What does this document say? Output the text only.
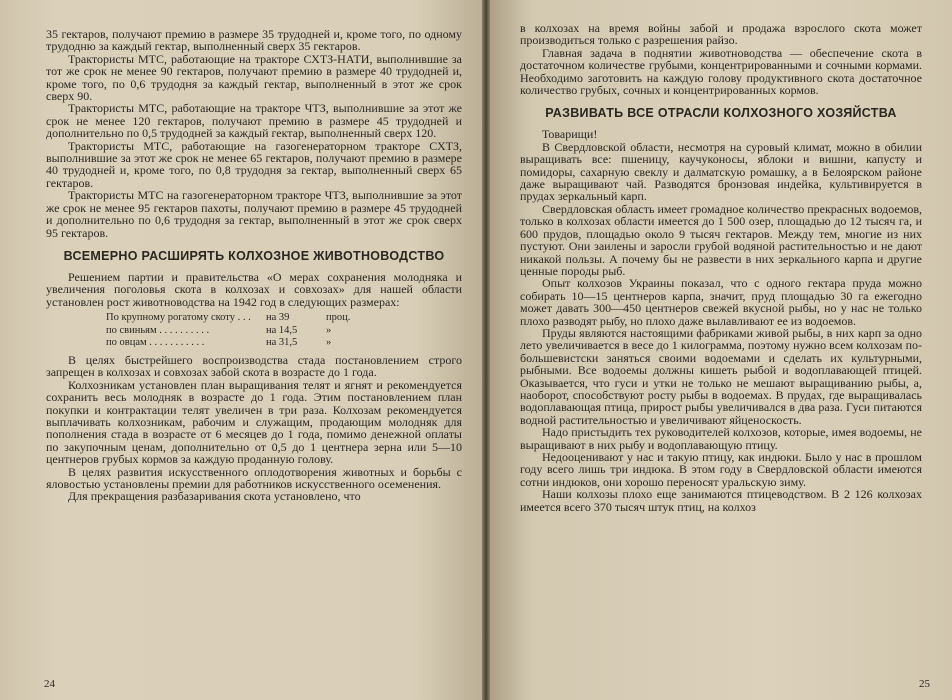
35 гектаров, получают премию в размере 35 трудодней и, кроме того, по одному трудодню за каждый гектар, выполненный сверх 35 гектаров.

Трактористы МТС, работающие на тракторе СХТЗ-НАТИ, выполнившие за тот же срок не менее 90 гектаров, получают премию в размере 40 трудодней и, кроме того, по 0,6 трудодня за каждый гектар, выполненный в этот же срок сверх 90.

Трактористы МТС, работающие на тракторе ЧТЗ, выполнившие за этот же срок не менее 120 гектаров, получают премию в размере 45 трудодней и дополнительно по 0,5 трудодней за каждый гектар, выполненный сверх 120.

Трактористы МТС, работающие на газогенераторном тракторе СХТЗ, выполнившие за этот же срок не менее 65 гектаров, получают премию в размере 40 трудодней и, кроме того, по 0,8 трудодня за гектар, выполненный сверх 65 гектаров.

Трактористы МТС на газогенераторном тракторе ЧТЗ, выполнившие за этот же срок не менее 95 гектаров пахоты, получают премию в размере 45 трудодней и дополнительно по 0,6 трудодня за гектар, выполненный в этот же срок сверх 95 гектаров.

ВСЕМЕРНО РАСШИРЯТЬ КОЛХОЗНОЕ ЖИВОТНОВОДСТВО

Решением партии и правительства «О мерах сохранения молодняка и увеличения поголовья скота в колхозах и совхозах» для нашей области установлен рост животноводства на 1942 год в следующих размерах:

По крупному рогатому скоту . . .	на 39	проц.
по свиньям . . . . . . . . . .	на 14,5	»
по овцам . . . . . . . . . . .	на 31,5	»

В целях быстрейшего воспроизводства стада постановлением строго запрещен в колхозах и совхозах забой скота в возрасте до 1 года.

Колхозникам установлен план выращивания телят и ягнят и рекомендуется сохранить весь молодняк в возрасте до 1 года. Этим постановлением план покупки и контрактации телят увеличен в три раза. Колхозам рекомендуется выплачивать колхозникам, рабочим и служащим, продающим молодняк для пополнения стада в возрасте от 6 месяцев до 1 года, помимо денежной оплаты по закупочным ценам, дополнительно от 0,5 до 1 центнера зерна или 5—10 центнеров грубых кормов за каждую проданную голову.

В целях развития искусственного оплодотворения животных и борьбы с яловостью установлены премии для работников искусственного осеменения.

Для прекращения разбазаривания скота установлено, что

24

в колхозах на время войны забой и продажа взрослого скота может производиться только с разрешения райзо.

Главная задача в поднятии животноводства — обеспечение скота в достаточном количестве грубыми, концентрированными и сочными кормами. Необходимо заготовить на каждую голову продуктивного скота достаточное количество грубых, сочных и концентрированных кормов.

РАЗВИВАТЬ ВСЕ ОТРАСЛИ КОЛХОЗНОГО ХОЗЯЙСТВА

Товарищи!

В Свердловской области, несмотря на суровый климат, можно в обилии выращивать все: пшеницу, каучуконосы, яблоки и вишни, капусту и помидоры, сахарную свеклу и далматскую ромашку, а в Белоярском районе даже выращивают чай. Разводятся бронзовая индейка, культивируется в прудах зеркальный карп.

Свердловская область имеет громадное количество прекрасных водоемов, только в колхозах области имеется до 1 500 озер, площадью до 12 тысяч га, и 600 прудов, площадью около 9 тысяч гектаров. Между тем, многие из них пустуют. Они заилены и заросли грубой водяной растительностью и не дают никакой пользы. А почему бы не развести в них зеркального карпа и другие ценные породы рыб.

Опыт колхозов Украины показал, что с одного гектара пруда можно собирать 10—15 центнеров карпа, значит, пруд площадью 30 га ежегодно может давать 300—450 центнеров свежей вкусной рыбы, но у нас не только плохо разводят рыбу, но плохо даже вылавливают ее из водоемов.

Пруды являются настоящими фабриками живой рыбы, в них карп за одно лето увеличивается в весе до 1 килограмма, поэтому нужно всем колхозам по-большевистски заняться своими водоемами и сделать их культурными, рыбными. Все водоемы должны кишеть рыбой и водоплавающей птицей. Оказывается, что гуси и утки не только не мешают выращиванию рыбы, а, наоборот, способствуют росту рыбы в водоемах. В прудах, где выращивалась водоплавающая птица, прирост рыбы увеличивался в два раза. Гуси питаются водной растительностью и увеличивают яйценоскость.

Надо пристыдить тех руководителей колхозов, которые, имея водоемы, не выращивают в них рыбу и водоплавающую птицу.

Недооценивают у нас и такую птицу, как индюки. Было у нас в прошлом году всего лишь три индюка. В этом году в Свердловской области имеются сотни индюков, они хорошо переносят уральскую зиму.

Наши колхозы плохо еще занимаются птицеводством. В 2 126 колхозах имеется всего 370 тысяч штук птиц, на колхоз

25
